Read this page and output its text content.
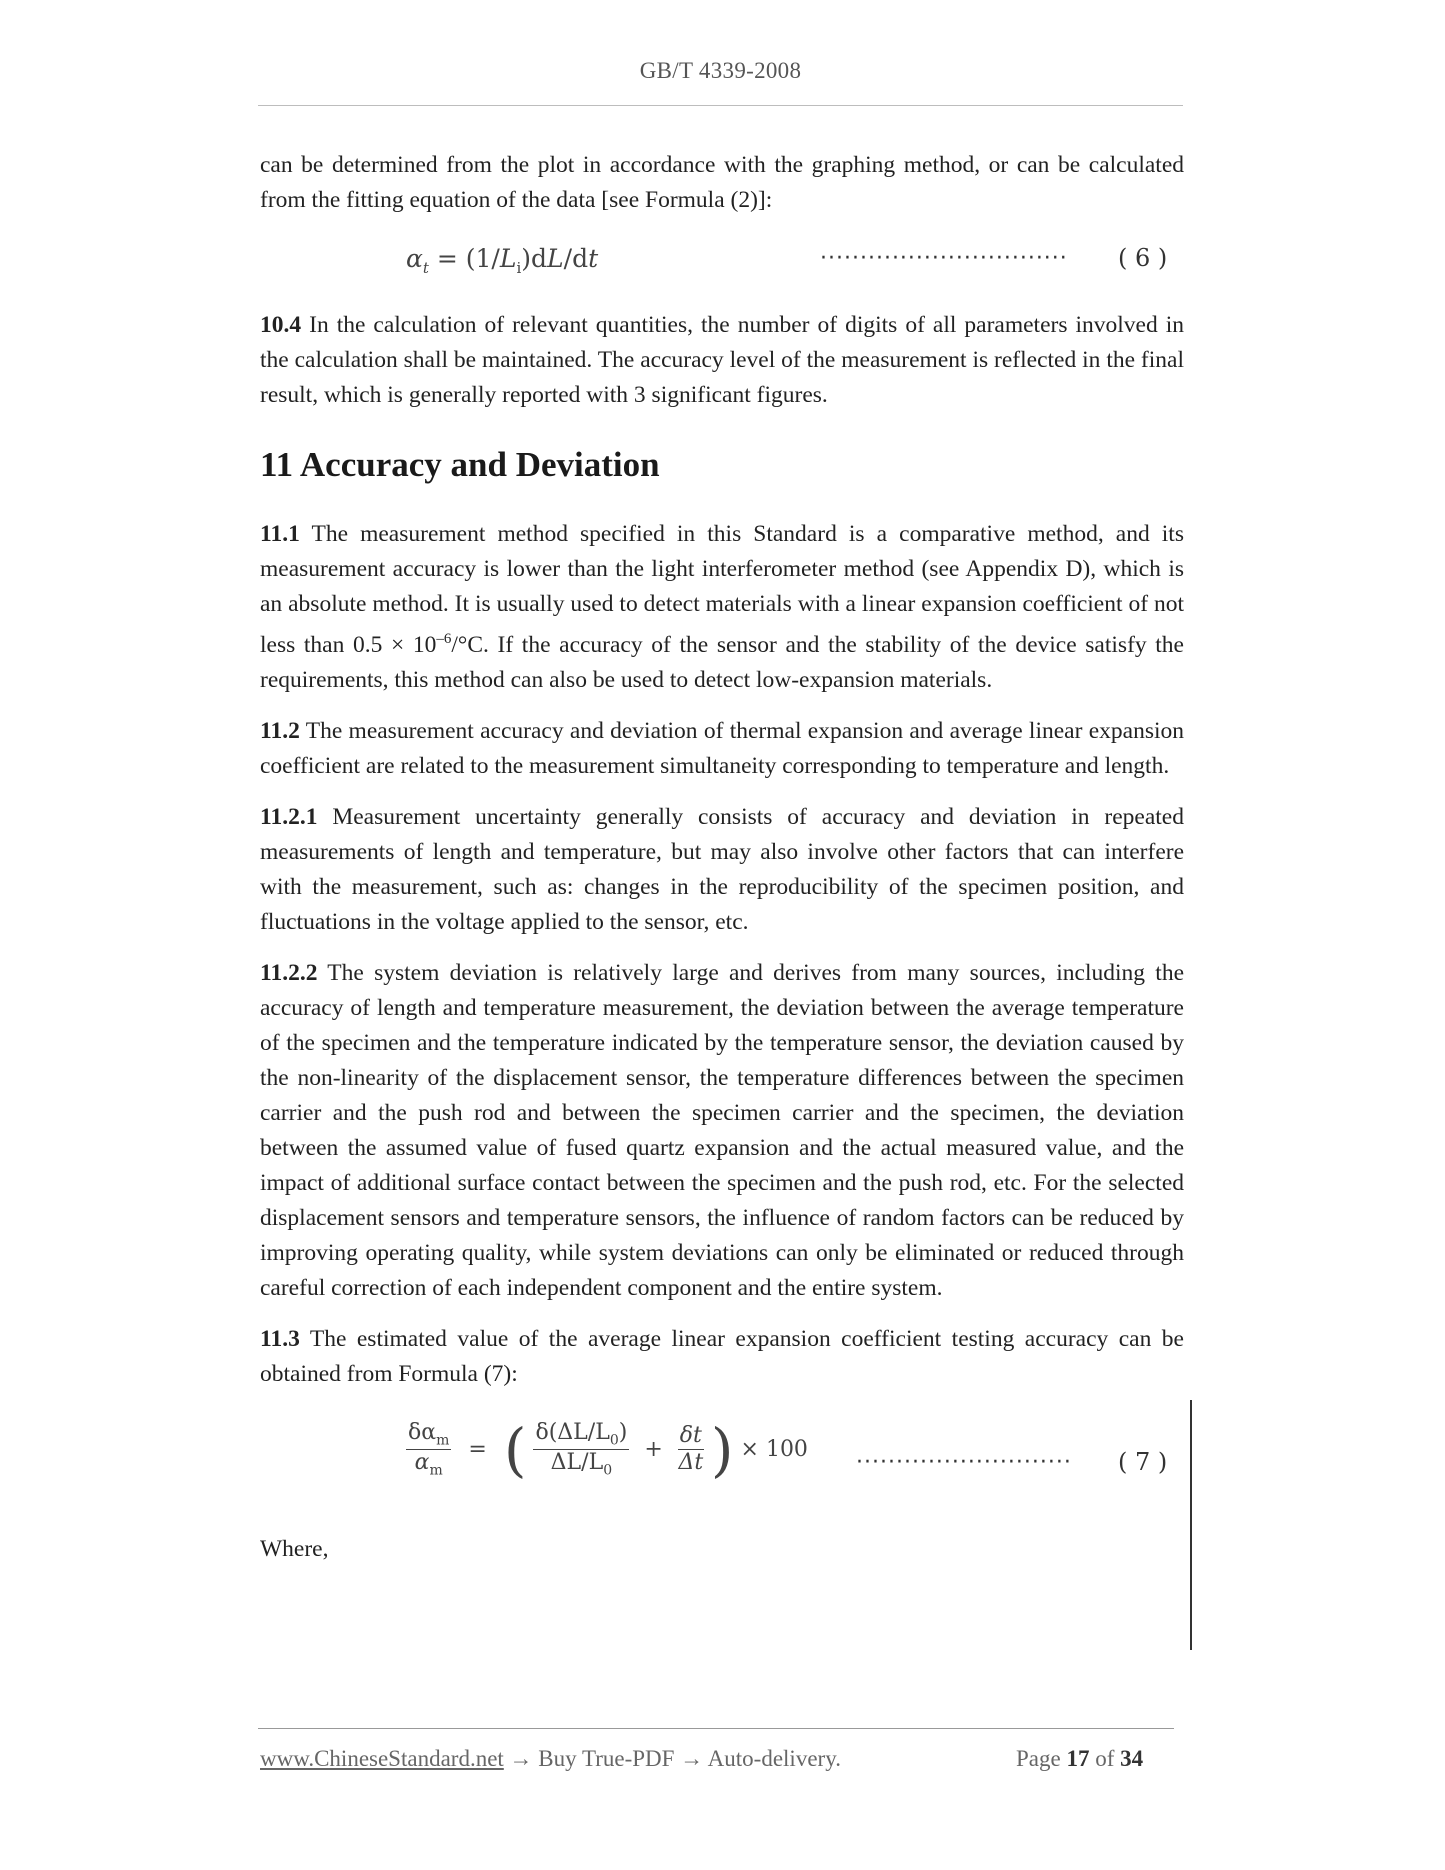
GB/T 4339-2008

can be determined from the plot in accordance with the graphing method, or can be calculated from the fitting equation of the data [see Formula (2)]:

$\alpha_t = (1/L_i)dL/dt$	······························· ( 6 )

10.4 In the calculation of relevant quantities, the number of digits of all parameters involved in the calculation shall be maintained. The accuracy level of the measurement is reflected in the final result, which is generally reported with 3 significant figures.

11 Accuracy and Deviation

11.1 The measurement method specified in this Standard is a comparative method, and its measurement accuracy is lower than the light interferometer method (see Appendix D), which is an absolute method. It is usually used to detect materials with a linear expansion coefficient of not less than $0.5 \times 10^{-6}/^\circ C$. If the accuracy of the sensor and the stability of the device satisfy the requirements, this method can also be used to detect low-expansion materials.

11.2 The measurement accuracy and deviation of thermal expansion and average linear expansion coefficient are related to the measurement simultaneity corresponding to temperature and length.

11.2.1 Measurement uncertainty generally consists of accuracy and deviation in repeated measurements of length and temperature, but may also involve other factors that can interfere with the measurement, such as: changes in the reproducibility of the specimen position, and fluctuations in the voltage applied to the sensor, etc.

11.2.2 The system deviation is relatively large and derives from many sources, including the accuracy of length and temperature measurement, the deviation between the average temperature of the specimen and the temperature indicated by the temperature sensor, the deviation caused by the non-linearity of the displacement sensor, the temperature differences between the specimen carrier and the push rod and between the specimen carrier and the specimen, the deviation between the assumed value of fused quartz expansion and the actual measured value, and the impact of additional surface contact between the specimen and the push rod, etc. For the selected displacement sensors and temperature sensors, the influence of random factors can be reduced by improving operating quality, while system deviations can only be eliminated or reduced through careful correction of each independent component and the entire system.

11.3 The estimated value of the average linear expansion coefficient testing accuracy can be obtained from Formula (7):

$\frac{\delta\alpha_m}{\alpha_m}$ = ( $\frac{\delta(\Delta L/L_0)}{\Delta L/L_0} + \frac{\delta t}{\Delta t}$ ) × 100
··························· ( 7 )

Where,

www.ChineseStandard.net → Buy True-PDF → Auto-delivery.	Page 17 of 34
